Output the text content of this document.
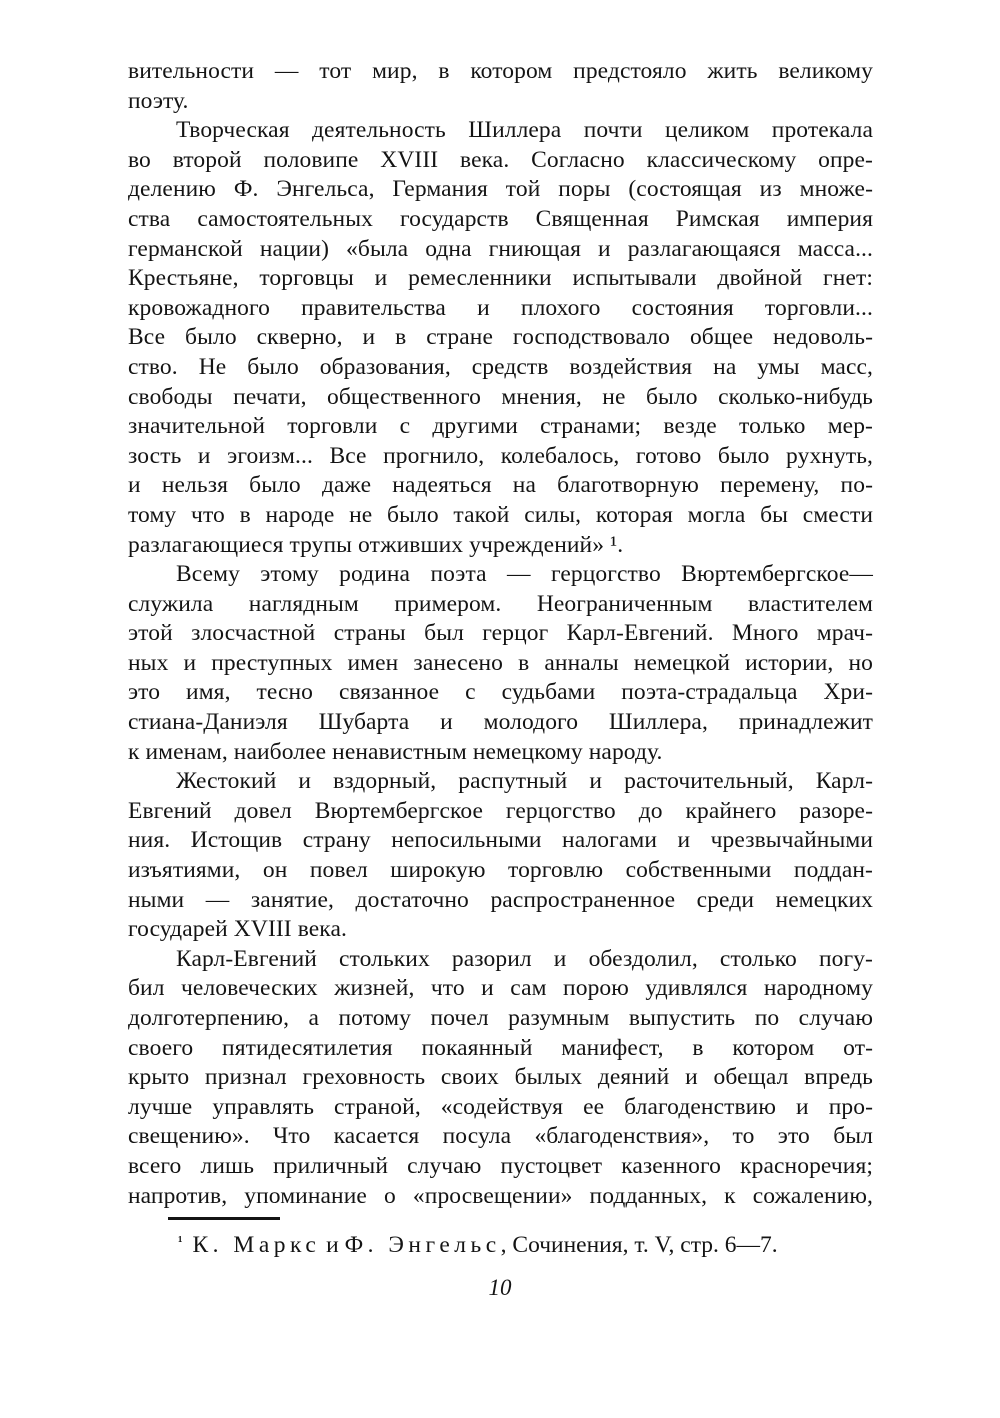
вительности — тот мир, в котором предстояло жить великому
поэту.
Творческая деятельность Шиллера почти целиком протекала
во второй половипе XVIII века. Согласно классическому опре-
делению Ф. Энгельса, Германия той поры (состоящая из множе-
ства самостоятельных государств Священная Римская империя
германской нации) «была одна гниющая и разлагающаяся масса...
Крестьяне, торговцы и ремесленники испытывали двойной гнет:
кровожадного правительства и плохого состояния торговли...
Все было скверно, и в стране господствовало общее недоволь-
ство. Не было образования, средств воздействия на умы масс,
свободы печати, общественного мнения, не было сколько-нибудь
значительной торговли с другими странами; везде только мер-
зость и эгоизм... Все прогнило, колебалось, готово было рухнуть,
и нельзя было даже надеяться на благотворную перемену, по-
тому что в народе не было такой силы, которая могла бы смести
разлагающиеся трупы отживших учреждений» ¹.
Всему этому родина поэта — герцогство Вюртембергское—
служила наглядным примером. Неограниченным властителем
этой злосчастной страны был герцог Карл-Евгений. Много мрач-
ных и преступных имен занесено в анналы немецкой истории, но
это имя, тесно связанное с судьбами поэта-страдальца Хри-
стиана-Даниэля Шубарта и молодого Шиллера, принадлежит
к именам, наиболее ненавистным немецкому народу.
Жестокий и вздорный, распутный и расточительный, Карл-
Евгений довел Вюртембергское герцогство до крайнего разоре-
ния. Истощив страну непосильными налогами и чрезвычайными
изъятиями, он повел широкую торговлю собственными поддан-
ными — занятие, достаточно распространенное среди немецких
государей XVIII века.
Карл-Евгений стольких разорил и обездолил, столько погу-
бил человеческих жизней, что и сам порою удивлялся народному
долготерпению, а потому почел разумным выпустить по случаю
своего пятидесятилетия покаянный манифест, в котором от-
крыто признал греховность своих былых деяний и обещал впредь
лучше управлять страной, «содействуя ее благоденствию и про-
свещению». Что касается посула «благоденствия», то это был
всего лишь приличный случаю пустоцвет казенного красноречия;
напротив, упоминание о «просвещении» подданных, к сожалению,
$^{^1}$ К. Маркс и Ф. Энгельс, Сочинения, т. V, стр. 6—7.
10
